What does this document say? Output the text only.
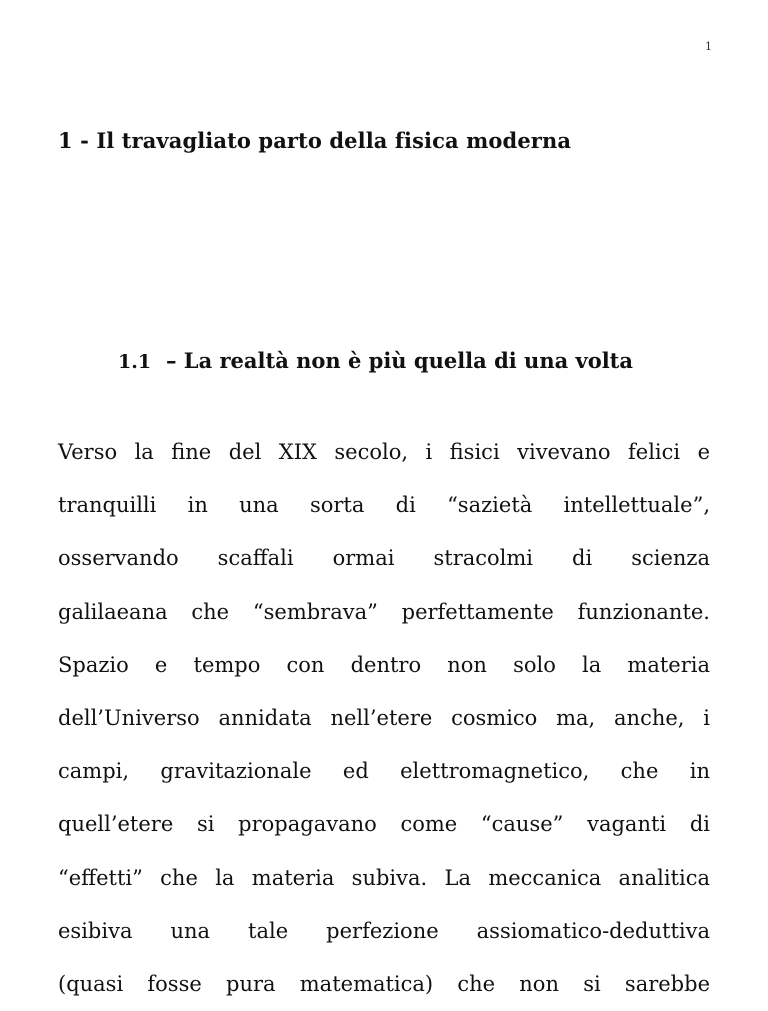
1
1 - Il travagliato parto della fisica moderna
1.1 – La realtà non è più quella di una volta
Verso la fine del XIX secolo, i fisici vivevano felici e
tranquilli in una sorta di “sazietà intellettuale”,
osservando scaffali ormai stracolmi di scienza
galilaeana che “sembrava” perfettamente funzionante.
Spazio e tempo con dentro non solo la materia
dell’Universo annidata nell’etere cosmico ma, anche, i
campi, gravitazionale ed elettromagnetico, che in
quell’etere si propagavano come “cause” vaganti di
“effetti” che la materia subiva. La meccanica analitica
esibiva una tale perfezione assiomatico-deduttiva
(quasi fosse pura matematica) che non si sarebbe
